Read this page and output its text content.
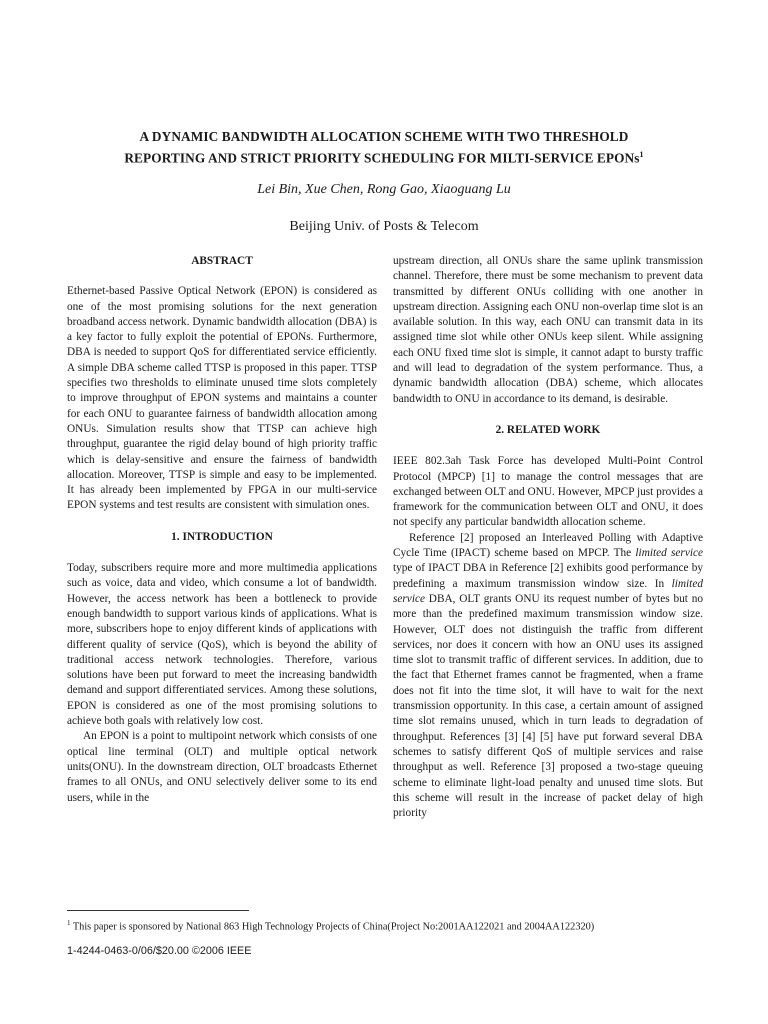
A DYNAMIC BANDWIDTH ALLOCATION SCHEME WITH TWO THRESHOLD
REPORTING AND STRICT PRIORITY SCHEDULING FOR MILTI-SERVICE EPONs$^1$
Lei Bin, Xue Chen, Rong Gao, Xiaoguang Lu
Beijing Univ. of Posts & Telecom

ABSTRACT

Ethernet-based Passive Optical Network (EPON) is considered as one of the most promising solutions for the next generation broadband access network. Dynamic bandwidth allocation (DBA) is a key factor to fully exploit the potential of EPONs. Furthermore, DBA is needed to support QoS for differentiated service efficiently. A simple DBA scheme called TTSP is proposed in this paper. TTSP specifies two thresholds to eliminate unused time slots completely to improve throughput of EPON systems and maintains a counter for each ONU to guarantee fairness of bandwidth allocation among ONUs. Simulation results show that TTSP can achieve high throughput, guarantee the rigid delay bound of high priority traffic which is delay-sensitive and ensure the fairness of bandwidth allocation. Moreover, TTSP is simple and easy to be implemented. It has already been implemented by FPGA in our multi-service EPON systems and test results are consistent with simulation ones.

1. INTRODUCTION

Today, subscribers require more and more multimedia applications such as voice, data and video, which consume a lot of bandwidth. However, the access network has been a bottleneck to provide enough bandwidth to support various kinds of applications. What is more, subscribers hope to enjoy different kinds of applications with different quality of service (QoS), which is beyond the ability of traditional access network technologies. Therefore, various solutions have been put forward to meet the increasing bandwidth demand and support differentiated services. Among these solutions, EPON is considered as one of the most promising solutions to achieve both goals with relatively low cost.

An EPON is a point to multipoint network which consists of one optical line terminal (OLT) and multiple optical network units(ONU). In the downstream direction, OLT broadcasts Ethernet frames to all ONUs, and ONU selectively deliver some to its end users, while in the

upstream direction, all ONUs share the same uplink transmission channel. Therefore, there must be some mechanism to prevent data transmitted by different ONUs colliding with one another in upstream direction. Assigning each ONU non-overlap time slot is an available solution. In this way, each ONU can transmit data in its assigned time slot while other ONUs keep silent. While assigning each ONU fixed time slot is simple, it cannot adapt to bursty traffic and will lead to degradation of the system performance. Thus, a dynamic bandwidth allocation (DBA) scheme, which allocates bandwidth to ONU in accordance to its demand, is desirable.

2. RELATED WORK

IEEE 802.3ah Task Force has developed Multi-Point Control Protocol (MPCP) [1] to manage the control messages that are exchanged between OLT and ONU. However, MPCP just provides a framework for the communication between OLT and ONU, it does not specify any particular bandwidth allocation scheme.

Reference [2] proposed an Interleaved Polling with Adaptive Cycle Time (IPACT) scheme based on MPCP. The limited service type of IPACT DBA in Reference [2] exhibits good performance by predefining a maximum transmission window size. In limited service DBA, OLT grants ONU its request number of bytes but no more than the predefined maximum transmission window size. However, OLT does not distinguish the traffic from different services, nor does it concern with how an ONU uses its assigned time slot to transmit traffic of different services. In addition, due to the fact that Ethernet frames cannot be fragmented, when a frame does not fit into the time slot, it will have to wait for the next transmission opportunity. In this case, a certain amount of assigned time slot remains unused, which in turn leads to degradation of throughput. References [3] [4] [5] have put forward several DBA schemes to satisfy different QoS of multiple services and raise throughput as well. Reference [3] proposed a two-stage queuing scheme to eliminate light-load penalty and unused time slots. But this scheme will result in the increase of packet delay of high priority

$^1$ This paper is sponsored by National 863 High Technology Projects of China(Project No:2001AA122021 and 2004AA122320)
1-4244-0463-0/06/$20.00 ©2006 IEEE
